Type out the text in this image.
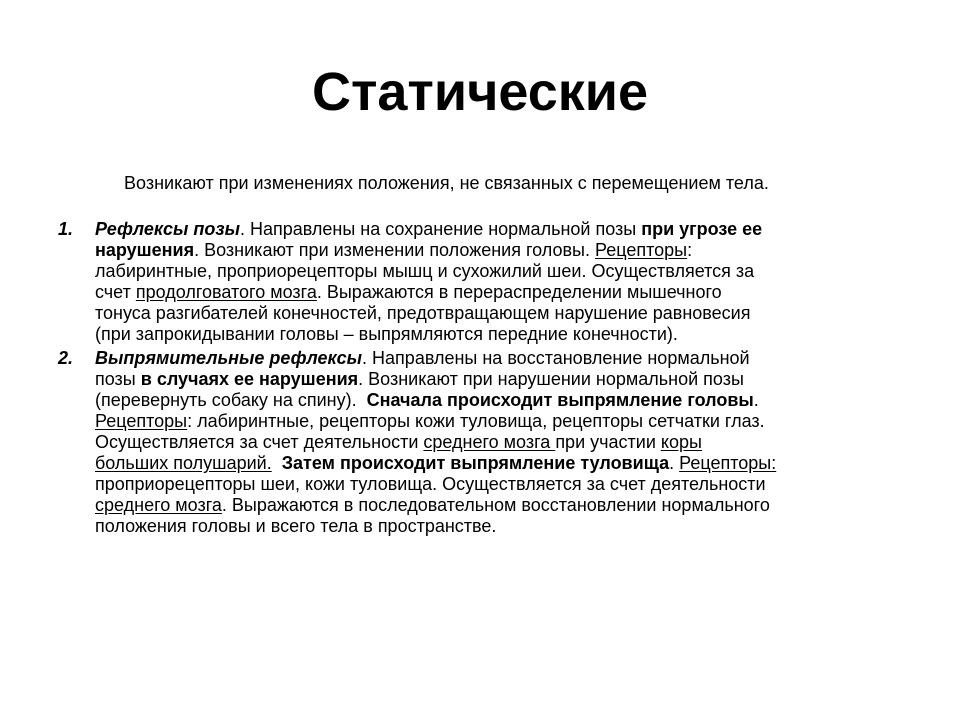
Статические

Возникают при изменениях положения, не связанных с перемещением тела.

1. Рефлексы позы. Направлены на сохранение нормальной позы при угрозе ее
нарушения. Возникают при изменении положения головы. Рецепторы:
лабиринтные, проприорецепторы мышц и сухожилий шеи. Осуществляется за
счет продолговатого мозга. Выражаются в перераспределении мышечного
тонуса разгибателей конечностей, предотвращающем нарушение равновесия
(при запрокидывании головы – выпрямляются передние конечности).
2. Выпрямительные рефлексы. Направлены на восстановление нормальной
позы в случаях ее нарушения. Возникают при нарушении нормальной позы
(перевернуть собаку на спину).  Сначала происходит выпрямление головы.
Рецепторы: лабиринтные, рецепторы кожи туловища, рецепторы сетчатки глаз.
Осуществляется за счет деятельности среднего мозга при участии коры
больших полушарий. Затем происходит выпрямление туловища. Рецепторы:
проприорецепторы шеи, кожи туловища. Осуществляется за счет деятельности
среднего мозга. Выражаются в последовательном восстановлении нормального
положения головы и всего тела в пространстве.
